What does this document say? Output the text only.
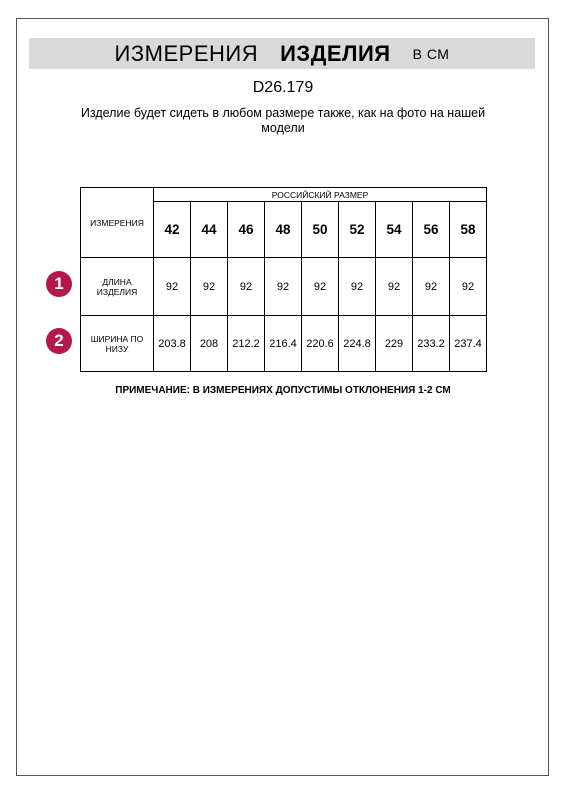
ИЗМЕРЕНИЯ ИЗДЕЛИЯ В СМ
D26.179
Изделие будет сидеть в любом размере также, как на фото на нашей
модели
ИЗМЕРЕНИЯ	РОССИЙСКИЙ РАЗМЕР								
	42	44	46	48	50	52	54	56	58

ДЛИНА
ИЗДЕЛИЯ	92	92	92	92	92	92	92	92	92

ШИРИНА ПО
НИЗУ	203.8	208	212.2	216.4	220.6	224.8	229	233.2	237.4
1
2
ПРИМЕЧАНИЕ: В ИЗМЕРЕНИЯХ ДОПУСТИМЫ ОТКЛОНЕНИЯ 1-2 СМ
